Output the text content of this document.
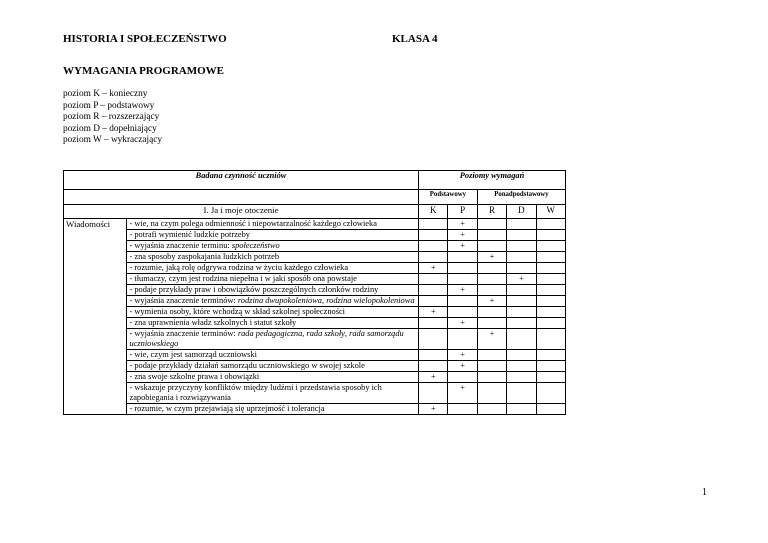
HISTORIA I SPOŁECZEŃSTWO	KLASA 4
WYMAGANIA PROGRAMOWE
poziom K – konieczny
poziom P – podstawowy
poziom R – rozszerzający
poziom D – dopełniający
poziom W – wykraczający
Badana czynność uczniów		Poziomy wymagań				
		Podstawowy		Ponadpodstawowy		
I. Ja i moje otoczenie		K	P	R	D	W
Wiadomości	- wie, na czym polega odmienność i niepowtarzalność każdego człowieka		+			
	- potrafi wymienić ludzkie potrzeby		+			
	- wyjaśnia znaczenie terminu: społeczeństwo		+			
	- zna sposoby zaspokajania ludzkich potrzeb			+		
	- rozumie, jaką rolę odgrywa rodzina w życiu każdego człowieka	+				
	- tłumaczy, czym jest rodzina niepełna i w jaki sposób ona powstaje				+	
	- podaje przykłady praw i obowiązków poszczególnych członków rodziny		+			
	- wyjaśnia znaczenie terminów: rodzina dwupokoleniowa, rodzina wielopokoleniowa			+		
	- wymienia osoby, które wchodzą w skład szkolnej społeczności	+				
	- zna uprawnienia władz szkolnych i statut szkoły		+			
	- wyjaśnia znaczenie terminów: rada pedagogiczna, rada szkoły, rada samorządu uczniowskiego			+		
	- wie, czym jest samorząd uczniowski		+			
	- podaje przykłady działań samorządu uczniowskiego w swojej szkole		+			
	- zna swoje szkolne prawa i obowiązki	+				
	- wskazuje przyczyny konfliktów między ludźmi i przedstawia sposoby ich zapobiegania i rozwiązywania		+			
	- rozumie, w czym przejawiają się uprzejmość i tolerancja	+				
1
